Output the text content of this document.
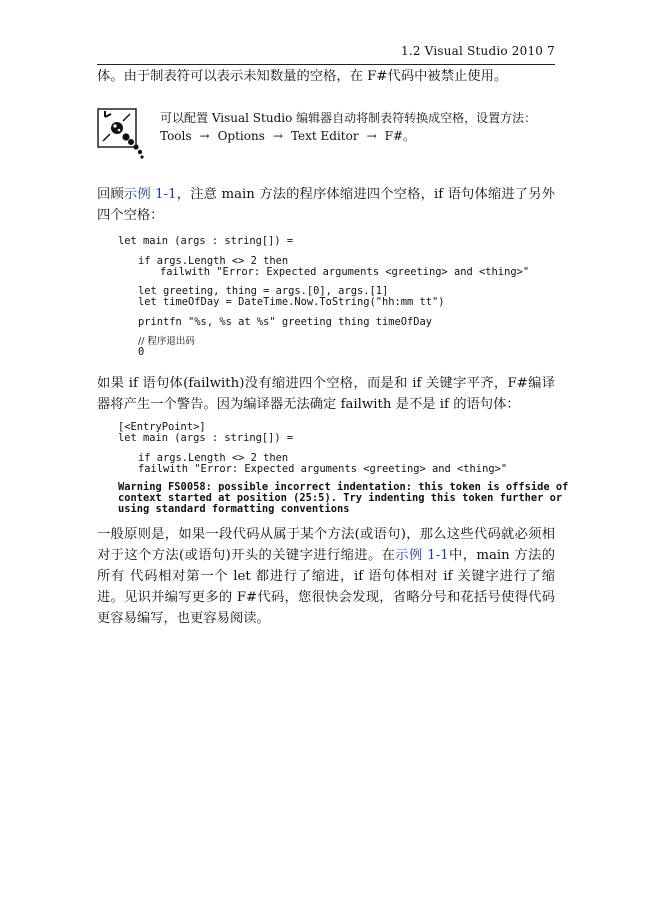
1.2 Visual Studio 2010 7
体。由于制表符可以表示未知数量的空格，在 F#代码中被禁止使用。
可以配置 Visual Studio 编辑器自动将制表符转换成空格，设置方法：
Tools → Options → Text Editor → F#。
回顾示例 1-1，注意 main 方法的程序体缩进四个空格，if 语句体缩进了另外四个空格：
let main (args : string[]) =
if args.Length <> 2 then
failwith "Error: Expected arguments <greeting> and <thing>"
let greeting, thing = args.[0], args.[1]
let timeOfDay = DateTime.Now.ToString("hh:mm tt")
printfn "%s, %s at %s" greeting thing timeOfDay
// 程序退出码
0
如果 if 语句体(failwith)没有缩进四个空格，而是和 if 关键字平齐，F#编译器将产生一个警告。因为编译器无法确定 failwith 是不是 if 的语句体：
[<EntryPoint>]
let main (args : string[]) =
if args.Length <> 2 then
failwith "Error: Expected arguments <greeting> and <thing>"
Warning FS0058: possible incorrect indentation: this token is offside of
context started at position (25:5). Try indenting this token further or
using standard formatting conventions
一般原则是，如果一段代码从属于某个方法(或语句)，那么这些代码就必须相对于这个方法(或语句)开头的关键字进行缩进。在示例 1-1中，main 方法的所有 代码相对第一个 let 都进行了缩进，if 语句体相对 if 关键字进行了缩进。见识并编写更多的 F#代码，您很快会发现，省略分号和花括号使得代码更容易编写，也更容易阅读。
